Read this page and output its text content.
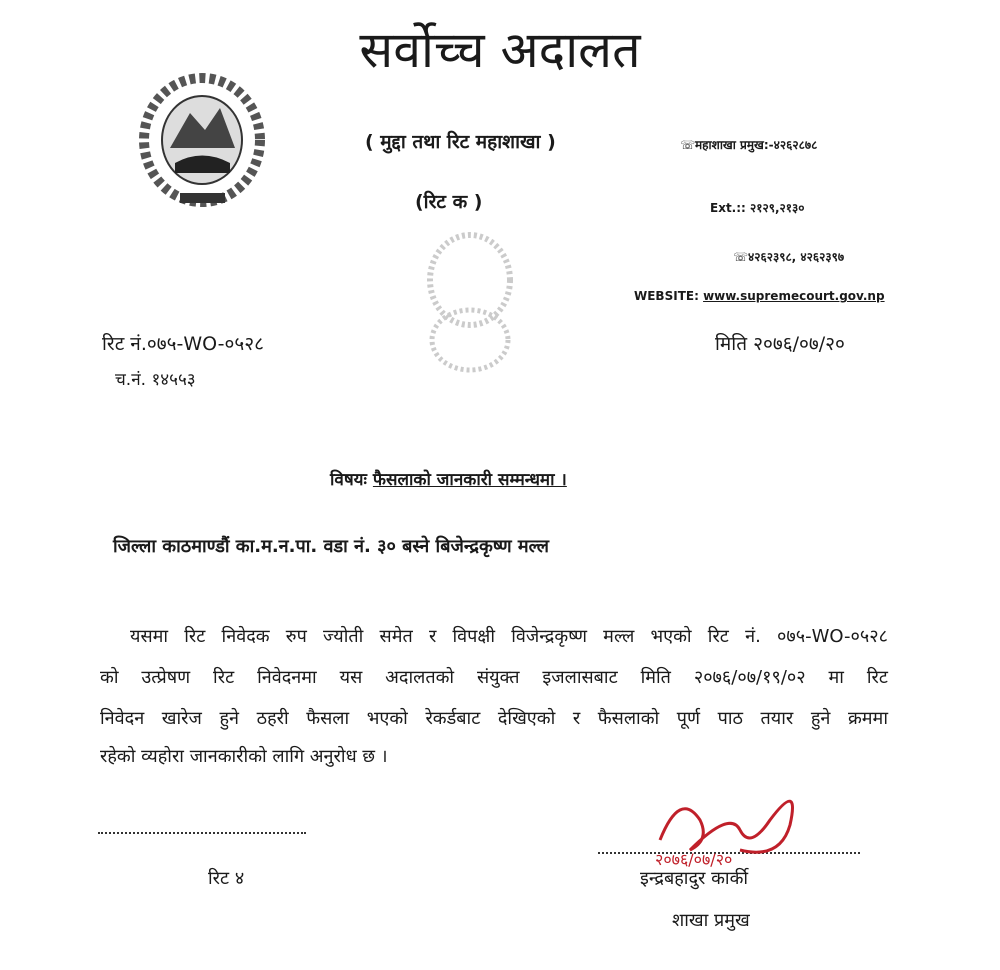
सर्वोच्च अदालत
( मुद्दा तथा रिट महाशाखा )
(रिट क )
☏महाशाखा प्रमुख:-४२६२८७८
Ext.:: २१२९,२१३०
☏४२६२३९८, ४२६२३९७
WEBSITE: www.supremecourt.gov.np
रिट नं.०७५-WO-०५२८
च.नं. १४५५३
मिति २०७६/०७/२०
विषयः फैसलाको जानकारी सम्मन्धमा ।
जिल्ला काठमाण्डौं का.म.न.पा. वडा नं. ३० बस्ने बिजेन्द्रकृष्ण मल्ल
यसमा रिट निवेदक रुप ज्योती समेत र विपक्षी विजेन्द्रकृष्ण मल्ल भएको रिट नं. ०७५-WO-०५२८
को उत्प्रेषण रिट निवेदनमा यस अदालतको संयुक्त इजलासबाट मिति २०७६/०७/१९/०२ मा रिट
निवेदन खारेज हुने ठहरी फैसला भएको रेकर्डबाट देखिएको र फैसलाको पूर्ण पाठ तयार हुने क्रममा
रहेको व्यहोरा जानकारीको लागि अनुरोध छ ।
२०७६/०७/२०
रिट ४	इन्द्रबहादुर कार्की
शाखा प्रमुख
